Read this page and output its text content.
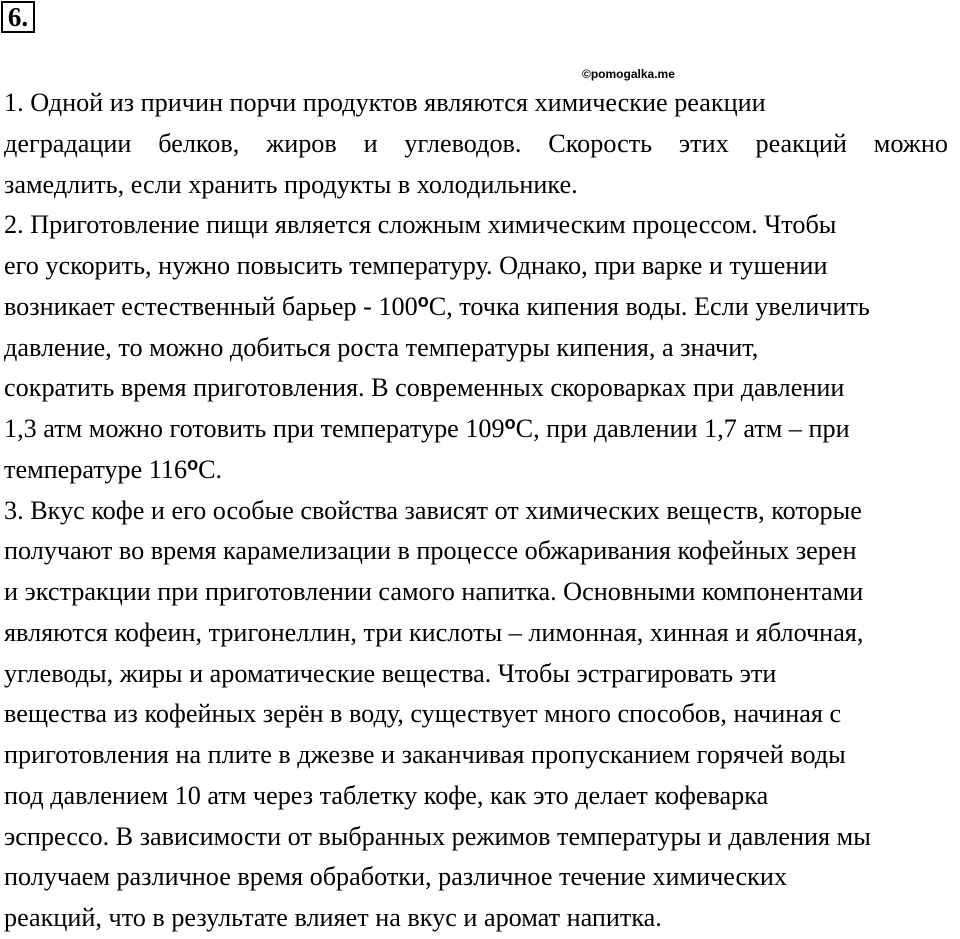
6.
©pomogalka.me
1. Одной из причин порчи продуктов являются химические реакции
деградации белков, жиров и углеводов. Скорость этих реакций можно
замедлить, если хранить продукты в холодильнике.
2. Приготовление пищи является сложным химическим процессом. Чтобы
его ускорить, нужно повысить температуру. Однако, при варке и тушении
возникает естественный барьер - 100$^o$С, точка кипения воды. Если увеличить
давление, то можно добиться роста температуры кипения, а значит,
сократить время приготовления. В современных скороварках при давлении
1,3 атм можно готовить при температуре 109$^o$С, при давлении 1,7 атм – при
температуре 116$^o$С.
3. Вкус кофе и его особые свойства зависят от химических веществ, которые
получают во время карамелизации в процессе обжаривания кофейных зерен
и экстракции при приготовлении самого напитка. Основными компонентами
являются кофеин, тригонеллин, три кислоты – лимонная, хинная и яблочная,
углеводы, жиры и ароматические вещества. Чтобы эстрагировать эти
вещества из кофейных зерён в воду, существует много способов, начиная с
приготовления на плите в джезве и заканчивая пропусканием горячей воды
под давлением 10 атм через таблетку кофе, как это делает кофеварка
эспрессо. В зависимости от выбранных режимов температуры и давления мы
получаем различное время обработки, различное течение химических
реакций, что в результате влияет на вкус и аромат напитка.
